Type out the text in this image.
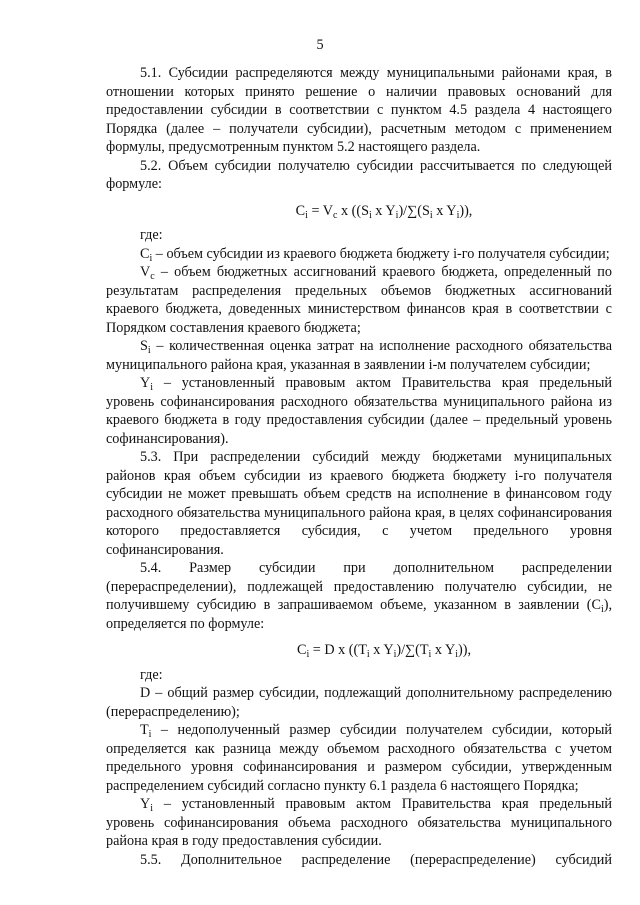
5

5.1. Субсидии распределяются между муниципальными районами края, в отношении которых принято решение о наличии правовых оснований для предоставлении субсидии в соответствии с пунктом 4.5 раздела 4 настоящего Порядка (далее – получатели субсидии), расчетным методом с применением формулы, предусмотренным пунктом 5.2 настоящего раздела.

5.2. Объем субсидии получателю субсидии рассчитывается по следующей формуле:

$C_i = V_c$ x (($S_i$ x $Y_i)/\sum(S_i$ x $Y_i$)),

где:

$C_i$ – объем субсидии из краевого бюджета бюджету i-го получателя субсидии;

$V_c$ – объем бюджетных ассигнований краевого бюджета, определенный по результатам распределения предельных объемов бюджетных ассигнований краевого бюджета, доведенных министерством финансов края в соответствии с Порядком составления краевого бюджета;

$S_i$ – количественная оценка затрат на исполнение расходного обязательства муниципального района края, указанная в заявлении i-м получателем субсидии;

$Y_i$ – установленный правовым актом Правительства края предельный уровень софинансирования расходного обязательства муниципального района из краевого бюджета в году предоставления субсидии (далее – предельный уровень софинансирования).

5.3. При распределении субсидий между бюджетами муниципальных районов края объем субсидии из краевого бюджета бюджету i-го получателя субсидии не может превышать объем средств на исполнение в финансовом году расходного обязательства муниципального района края, в целях софинансирования которого предоставляется субсидия, с учетом предельного уровня софинансирования.

5.4. Размер субсидии при дополнительном распределении (перераспределении), подлежащей предоставлению получателю субсидии, не получившему субсидию в запрашиваемом объеме, указанном в заявлении $(C_i)$, определяется по формуле:

$C_i = D$ x (($T_i$ x $Y_i)/\sum(T_i$ x $Y_i$)),

где:

D – общий размер субсидии, подлежащий дополнительному распределению (перераспределению);

$T_i$ – недополученный размер субсидии получателем субсидии, который определяется как разница между объемом расходного обязательства с учетом предельного уровня софинансирования и размером субсидии, утвержденным распределением субсидий согласно пункту 6.1 раздела 6 настоящего Порядка;

$Y_i$ – установленный правовым актом Правительства края предельный уровень софинансирования объема расходного обязательства муниципального района края в году предоставления субсидии.

5.5. Дополнительное распределение (перераспределение) субсидий
